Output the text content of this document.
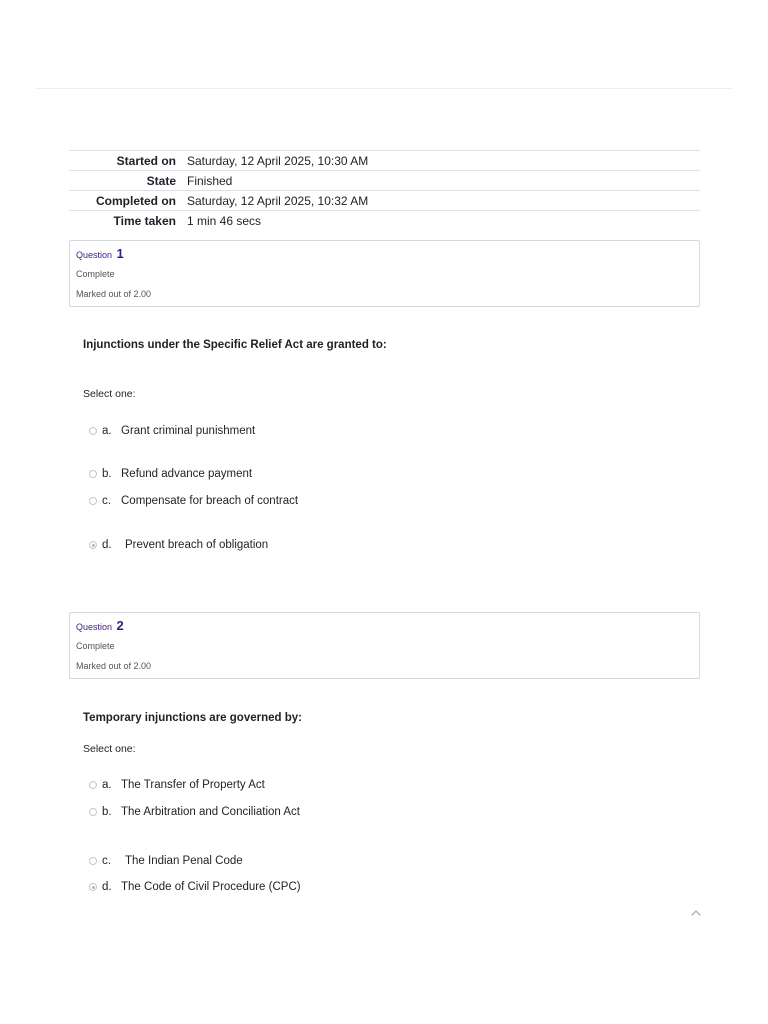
Started on	Saturday, 12 April 2025, 10:30 AM
State	Finished
Completed on	Saturday, 12 April 2025, 10:32 AM
Time taken	1 min 46 secs
Question 1
Complete
Marked out of 2.00
Injunctions under the Specific Relief Act are granted to:
Select one:
a. Grant criminal punishment
b. Refund advance payment
c. Compensate for breach of contract
d.	Prevent breach of obligation
Question 2
Complete
Marked out of 2.00
Temporary injunctions are governed by:
Select one:
a. The Transfer of Property Act
b. The Arbitration and Conciliation Act
c.	The Indian Penal Code
d. The Code of Civil Procedure (CPC)
